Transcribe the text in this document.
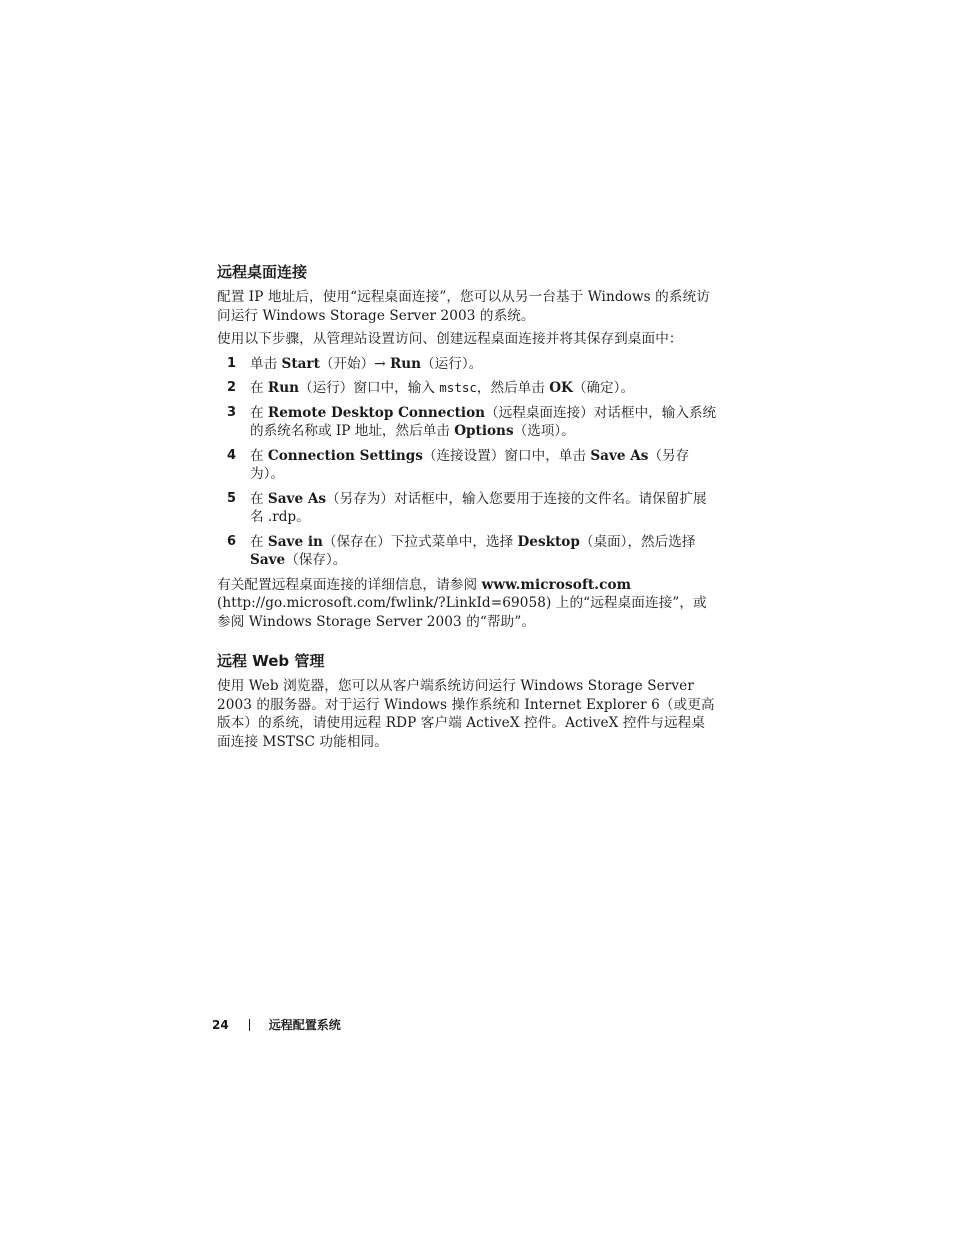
远程桌面连接

配置 IP 地址后，使用“远程桌面连接”，您可以从另一台基于 Windows 的系统访问运行 Windows Storage Server 2003 的系统。

使用以下步骤，从管理站设置访问、创建远程桌面连接并将其保存到桌面中：

1	单击 Start（开始）→ Run（运行）。
2	在 Run（运行）窗口中，输入 mstsc，然后单击 OK（确定）。
3	在 Remote Desktop Connection（远程桌面连接）对话框中，输入系统的系统名称或 IP 地址，然后单击 Options（选项）。
4	在 Connection Settings（连接设置）窗口中，单击 Save As（另存为）。
5	在 Save As（另存为）对话框中，输入您要用于连接的文件名。请保留扩展名 .rdp。
6	在 Save in（保存在）下拉式菜单中，选择 Desktop（桌面），然后选择 Save（保存）。

有关配置远程桌面连接的详细信息，请参阅 www.microsoft.com (http://go.microsoft.com/fwlink/?LinkId=69058) 上的“远程桌面连接”，或参阅 Windows Storage Server 2003 的“帮助”。

远程 Web 管理

使用 Web 浏览器，您可以从客户端系统访问运行 Windows Storage Server 2003 的服务器。对于运行 Windows 操作系统和 Internet Explorer 6（或更高版本）的系统，请使用远程 RDP 客户端 ActiveX 控件。ActiveX 控件与远程桌面连接 MSTSC 功能相同。

24	远程配置系统
